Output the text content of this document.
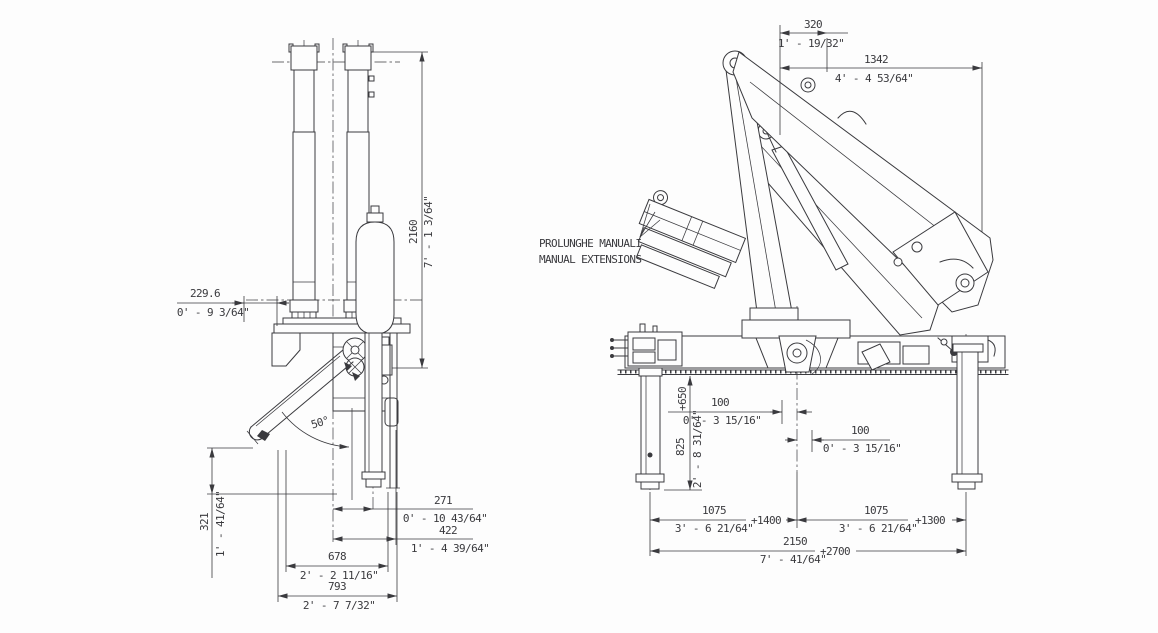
50°
229.6
0' - 9 3/64"
2160 7' - 1 3/64"
321 1' - 41/64"	271
0' - 10 43/64"
422
1' - 4 39/64"
678
2' - 2 11/16"
793
2' - 7 7/32"
PROLUNGHE MANUALI
MANUAL EXTENSIONS
320
1' - 19/32"
1342
4' - 4 53/64"
100
0' - 3 15/16"
100
0' - 3 15/16"
+650
825 2' - 8 31/64"
1075
3' - 6 21/64"
+1400
1075
3' - 6 21/64"
+1300
2150
7' - 41/64"
+2700
